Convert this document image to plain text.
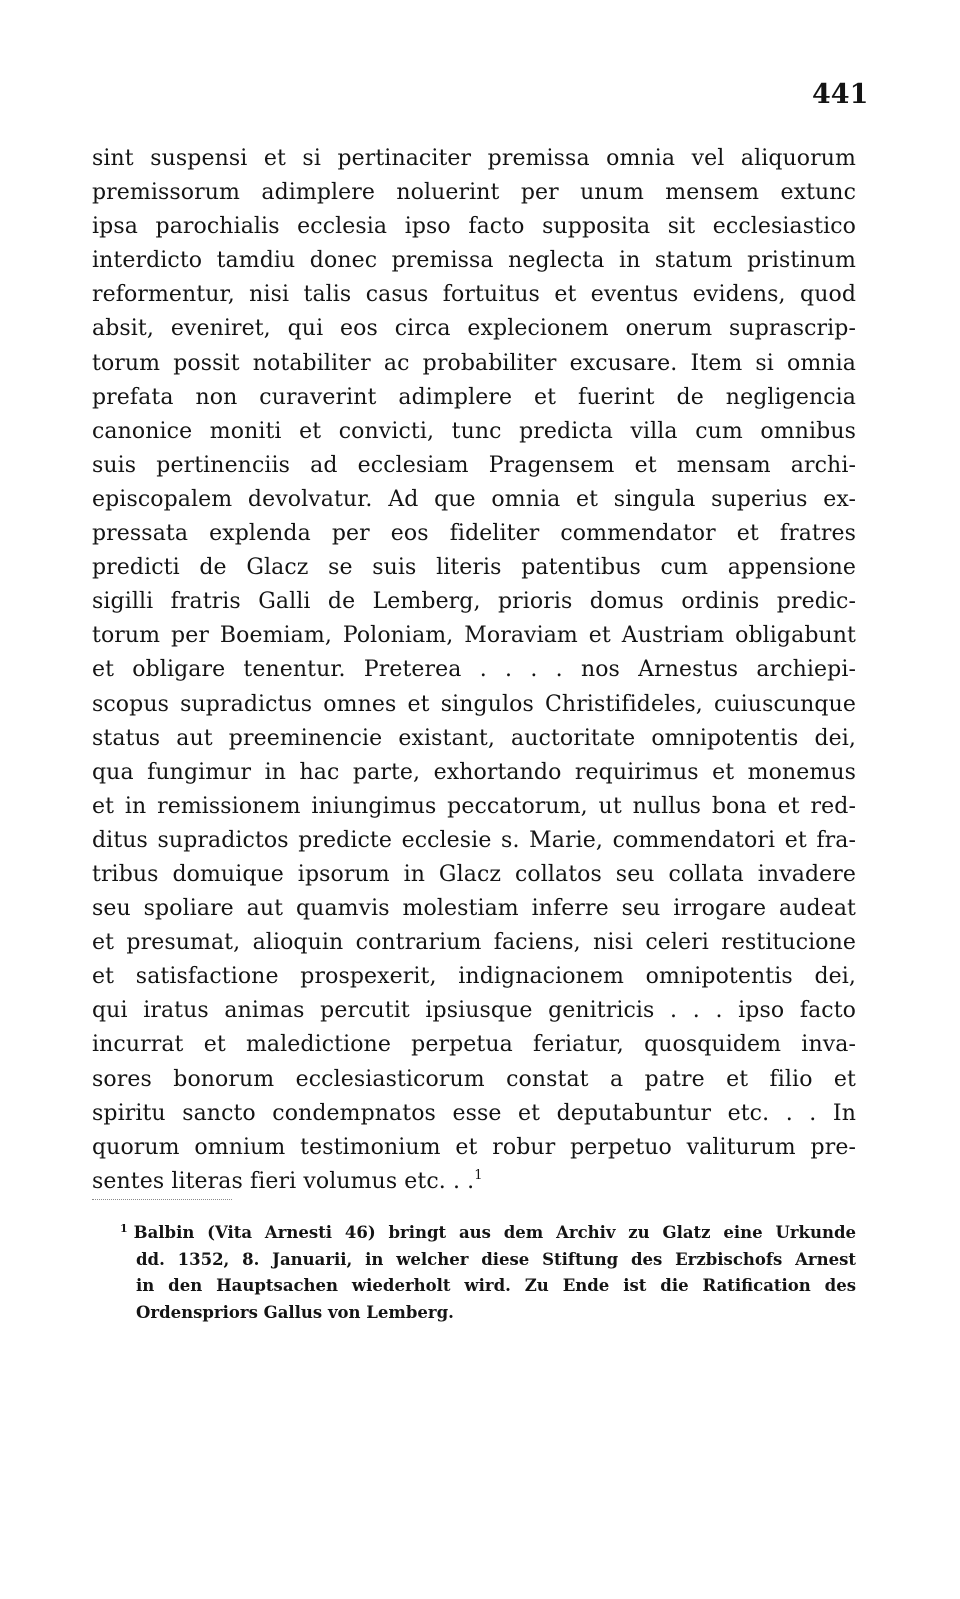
441
sint suspensi et si pertinaciter premissa omnia vel aliquorum
premissorum adimplere noluerint per unum mensem extunc
ipsa parochialis ecclesia ipso facto supposita sit ecclesiastico
interdicto tamdiu donec premissa neglecta in statum pristinum
reformentur, nisi talis casus fortuitus et eventus evidens, quod
absit, eveniret, qui eos circa explecionem onerum suprascrip-
torum possit notabiliter ac probabiliter excusare. Item si omnia
prefata non curaverint adimplere et fuerint de negligencia
canonice moniti et convicti, tunc predicta villa cum omnibus
suis pertinenciis ad ecclesiam Pragensem et mensam archi-
episcopalem devolvatur. Ad que omnia et singula superius ex-
pressata explenda per eos fideliter commendator et fratres
predicti de Glacz se suis literis patentibus cum appensione
sigilli fratris Galli de Lemberg, prioris domus ordinis predic-
torum per Boemiam, Poloniam, Moraviam et Austriam obligabunt
et obligare tenentur. Preterea . . . . nos Arnestus archiepi-
scopus supradictus omnes et singulos Christifideles, cuiuscunque
status aut preeminencie existant, auctoritate omnipotentis dei,
qua fungimur in hac parte, exhortando requirimus et monemus
et in remissionem iniungimus peccatorum, ut nullus bona et red-
ditus supradictos predicte ecclesie s. Marie, commendatori et fra-
tribus domuique ipsorum in Glacz collatos seu collata invadere
seu spoliare aut quamvis molestiam inferre seu irrogare audeat
et presumat, alioquin contrarium faciens, nisi celeri restitucione
et satisfactione prospexerit, indignacionem omnipotentis dei,
qui iratus animas percutit ipsiusque genitricis . . . ipso facto
incurrat et maledictione perpetua feriatur, quosquidem inva-
sores bonorum ecclesiasticorum constat a patre et filio et
spiritu sancto condempnatos esse et deputabuntur etc. . . In
quorum omnium testimonium et robur perpetuo valiturum pre-
sentes literas fieri volumus etc. . .$^1$
$^1$ Balbin (Vita Arnesti 46) bringt aus dem Archiv zu Glatz eine Urkunde
dd. 1352, 8. Januarii, in welcher diese Stiftung des Erzbischofs Arnest
in den Hauptsachen wiederholt wird. Zu Ende ist die Ratification des
Ordenspriors Gallus von Lemberg.
